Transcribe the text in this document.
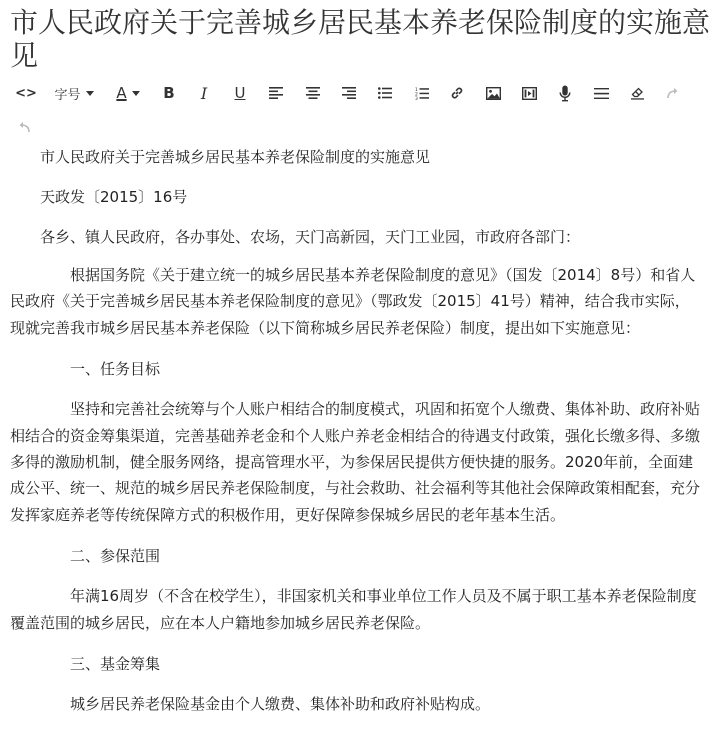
市人民政府关于完善城乡居民基本养老保险制度的实施意见
<> 字号 A B I U	1
2
3

市人民政府关于完善城乡居民基本养老保险制度的实施意见

天政发〔2015〕16号

各乡、镇人民政府，各办事处、农场，天门高新园，天门工业园，市政府各部门：

根据国务院《关于建立统一的城乡居民基本养老保险制度的意见》（国发〔2014〕8号）和省人民政府《关于完善城乡居民基本养老保险制度的意见》（鄂政发〔2015〕41号）精神，结合我市实际，现就完善我市城乡居民基本养老保险（以下简称城乡居民养老保险）制度，提出如下实施意见：

一、任务目标

坚持和完善社会统筹与个人账户相结合的制度模式，巩固和拓宽个人缴费、集体补助、政府补贴相结合的资金筹集渠道，完善基础养老金和个人账户养老金相结合的待遇支付政策，强化长缴多得、多缴多得的激励机制，健全服务网络，提高管理水平，为参保居民提供方便快捷的服务。2020年前，全面建成公平、统一、规范的城乡居民养老保险制度，与社会救助、社会福利等其他社会保障政策相配套，充分发挥家庭养老等传统保障方式的积极作用，更好保障参保城乡居民的老年基本生活。

二、参保范围

年满16周岁（不含在校学生），非国家机关和事业单位工作人员及不属于职工基本养老保险制度覆盖范围的城乡居民，应在本人户籍地参加城乡居民养老保险。

三、基金筹集

城乡居民养老保险基金由个人缴费、集体补助和政府补贴构成。
